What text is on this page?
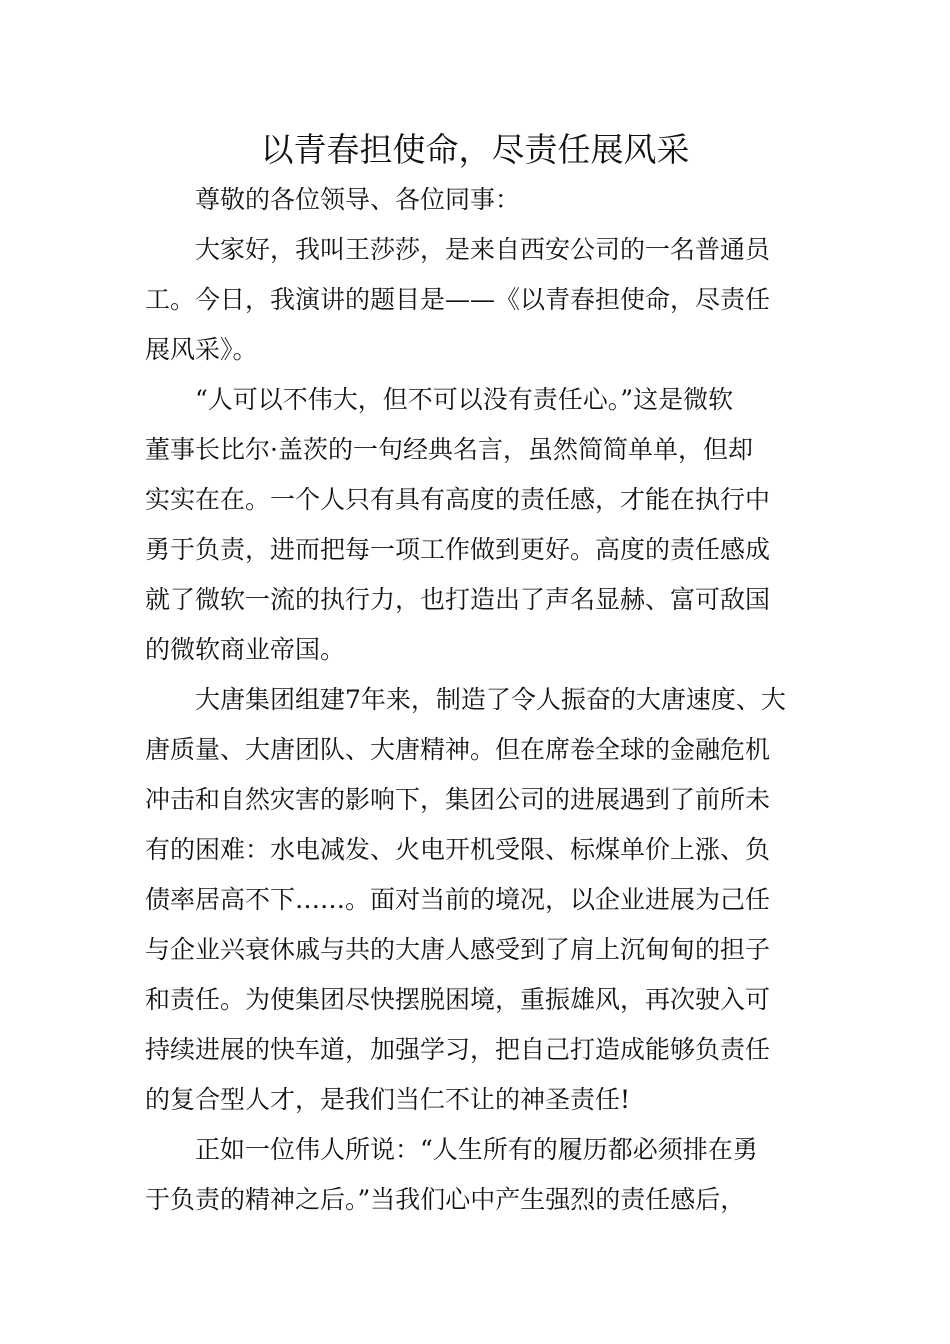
以青春担使命，尽责任展风采

尊敬的各位领导、各位同事：

大家好，我叫王莎莎，是来自西安公司的一名普通员
工。今日，我演讲的题目是——《以青春担使命，尽责任
展风采》。

“人可以不伟大，但不可以没有责任心。”这是微软
董事长比尔·盖茨的一句经典名言，虽然简简单单，但却
实实在在。一个人只有具有高度的责任感，才能在执行中
勇于负责，进而把每一项工作做到更好。高度的责任感成
就了微软一流的执行力，也打造出了声名显赫、富可敌国
的微软商业帝国。

大唐集团组建7年来，制造了令人振奋的大唐速度、大
唐质量、大唐团队、大唐精神。但在席卷全球的金融危机
冲击和自然灾害的影响下，集团公司的进展遇到了前所未
有的困难：水电减发、火电开机受限、标煤单价上涨、负
债率居高不下……。面对当前的境况，以企业进展为己任
与企业兴衰休戚与共的大唐人感受到了肩上沉甸甸的担子
和责任。为使集团尽快摆脱困境，重振雄风，再次驶入可
持续进展的快车道，加强学习，把自己打造成能够负责任
的复合型人才，是我们当仁不让的神圣责任!

正如一位伟人所说：“人生所有的履历都必须排在勇
于负责的精神之后。”当我们心中产生强烈的责任感后，
